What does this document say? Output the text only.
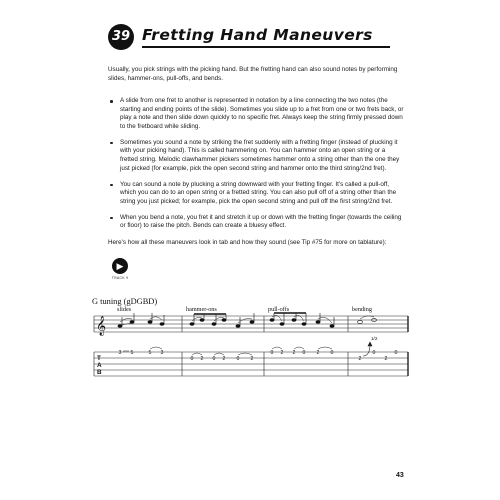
39 Fretting Hand Maneuvers
Usually, you pick strings with the picking hand. But the fretting hand can also sound notes by performing slides, hammer-ons, pull-offs, and bends.
A slide from one fret to another is represented in notation by a line connecting the two notes (the starting and ending points of the slide). Sometimes you slide up to a fret from one or two frets back, or play a note and then slide down quickly to no specific fret. Always keep the string firmly pressed down to the fretboard while sliding.
Sometimes you sound a note by striking the fret suddenly with a fretting finger (instead of plucking it with your picking hand). This is called hammering on. You can hammer onto an open string or a fretted string. Melodic clawhammer pickers sometimes hammer onto a string other than the one they just picked (for example, pick the open second string and hammer onto the third string/2nd fret).
You can sound a note by plucking a string downward with your fretting finger. It's called a pull-off, which you can do to an open string or a fretted string. You can also pull off of a string other than the string you just picked; for example, pick the open second string and pull off the first string/2nd fret.
When you bend a note, you fret it and stretch it up or down with the fretting finger (towards the ceiling or floor) to raise the pitch. Bends can create a bluesy effect.
Here's how all these maneuvers look in tab and how they sound (see Tip #75 for more on tablature):
▶
TRACK 9
G tuning (gDGBD)
slides	hammer-ons	pull-offs	bending
𝄞
T
A
B
3 5	5 3
0 2 0 2 0 2
0 2 2 0 2 0
2
0
2
0
1/2
43
